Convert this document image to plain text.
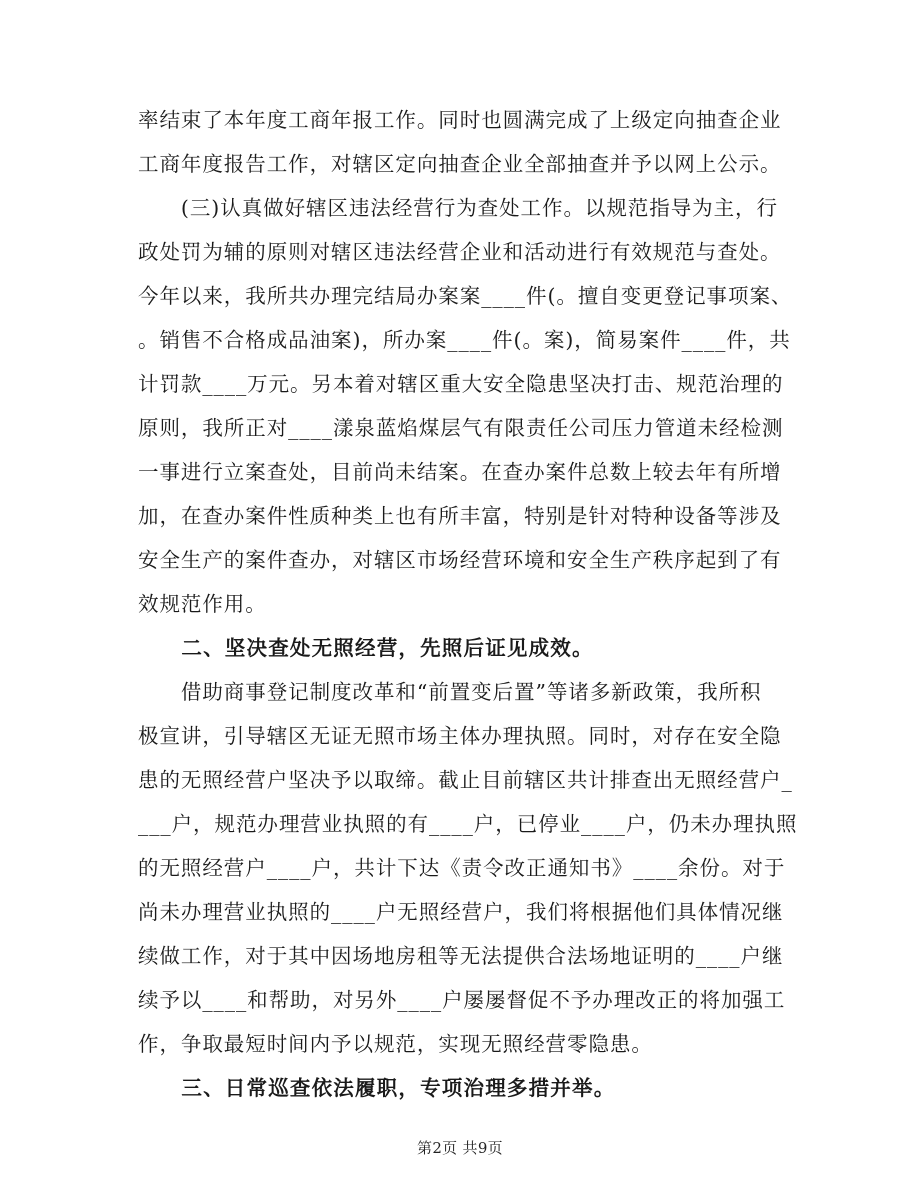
率结束了本年度工商年报工作。同时也圆满完成了上级定向抽查企业
工商年度报告工作，对辖区定向抽查企业全部抽查并予以网上公示。
　　(三)认真做好辖区违法经营行为查处工作。以规范指导为主，行
政处罚为辅的原则对辖区违法经营企业和活动进行有效规范与查处。
今年以来，我所共办理完结局办案案____件(。擅自变更登记事项案、
。销售不合格成品油案)，所办案____件(。案)，简易案件____件，共
计罚款____万元。另本着对辖区重大安全隐患坚决打击、规范治理的
原则，我所正对____漾泉蓝焰煤层气有限责任公司压力管道未经检测
一事进行立案查处，目前尚未结案。在查办案件总数上较去年有所增
加，在查办案件性质种类上也有所丰富，特别是针对特种设备等涉及
安全生产的案件查办，对辖区市场经营环境和安全生产秩序起到了有
效规范作用。
　　二、坚决查处无照经营，先照后证见成效。
　　借助商事登记制度改革和“前置变后置”等诸多新政策，我所积
极宣讲，引导辖区无证无照市场主体办理执照。同时，对存在安全隐
患的无照经营户坚决予以取缔。截止目前辖区共计排查出无照经营户_
___户，规范办理营业执照的有____户，已停业____户，仍未办理执照
的无照经营户____户，共计下达《责令改正通知书》____余份。对于
尚未办理营业执照的____户无照经营户，我们将根据他们具体情况继
续做工作，对于其中因场地房租等无法提供合法场地证明的____户继
续予以____和帮助，对另外____户屡屡督促不予办理改正的将加强工
作，争取最短时间内予以规范，实现无照经营零隐患。
　　三、日常巡查依法履职，专项治理多措并举。
第2页 共9页
